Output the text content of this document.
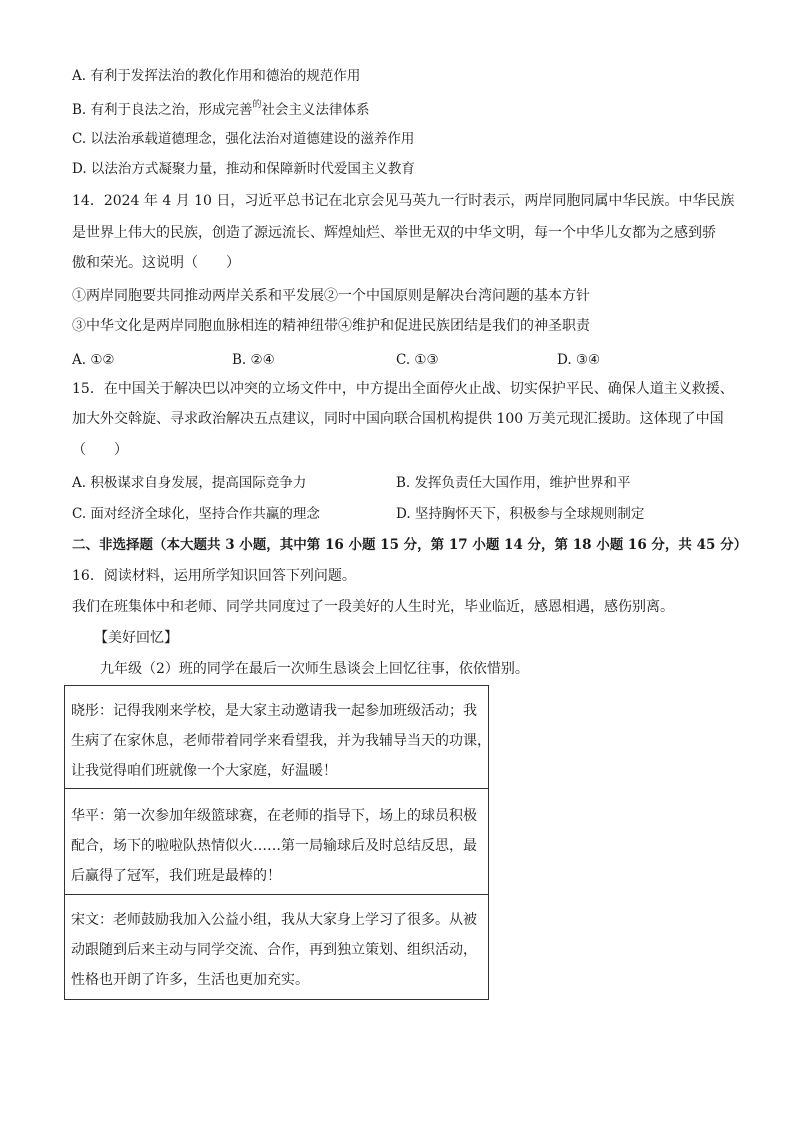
A. 有利于发挥法治的教化作用和德治的规范作用
B. 有利于良法之治，形成完善$^的$社会主义法律体系
C. 以法治承载道德理念，强化法治对道德建设的滋养作用
D. 以法治方式凝聚力量，推动和保障新时代爱国主义教育
14．2024 年 4 月 10 日，习近平总书记在北京会见马英九一行时表示，两岸同胞同属中华民族。中华民族
是世界上伟大的民族，创造了源远流长、辉煌灿烂、举世无双的中华文明，每一个中华儿女都为之感到骄
傲和荣光。这说明（　　）
①两岸同胞要共同推动两岸关系和平发展②一个中国原则是解决台湾问题的基本方针
③中华文化是两岸同胞血脉相连的精神纽带④维护和促进民族团结是我们的神圣职责
A. ①②	B. ②④	C. ①③	D. ③④
15．在中国关于解决巴以冲突的立场文件中，中方提出全面停火止战、切实保护平民、确保人道主义救援、
加大外交斡旋、寻求政治解决五点建议，同时中国向联合国机构提供 100 万美元现汇援助。这体现了中国
（　　）
A. 积极谋求自身发展，提高国际竞争力	B. 发挥负责任大国作用，维护世界和平
C. 面对经济全球化，坚持合作共赢的理念	D. 坚持胸怀天下，积极参与全球规则制定
二、非选择题（本大题共 3 小题，其中第 16 小题 15 分，第 17 小题 14 分，第 18 小题 16 分，共 45 分）
16．阅读材料，运用所学知识回答下列问题。
我们在班集体中和老师、同学共同度过了一段美好的人生时光，毕业临近，感恩相遇，感伤别离。
【美好回忆】
九年级（2）班的同学在最后一次师生恳谈会上回忆往事，依依惜别。

晓彤：记得我刚来学校，是大家主动邀请我一起参加班级活动；我

生病了在家休息，老师带着同学来看望我，并为我辅导当天的功课，

让我觉得咱们班就像一个大家庭，好温暖！

华平：第一次参加年级篮球赛，在老师的指导下，场上的球员积极

配合，场下的啦啦队热情似火……第一局输球后及时总结反思，最

后赢得了冠军，我们班是最棒的！

宋文：老师鼓励我加入公益小组，我从大家身上学习了很多。从被

动跟随到后来主动与同学交流、合作，再到独立策划、组织活动，

性格也开朗了许多，生活也更加充实。
